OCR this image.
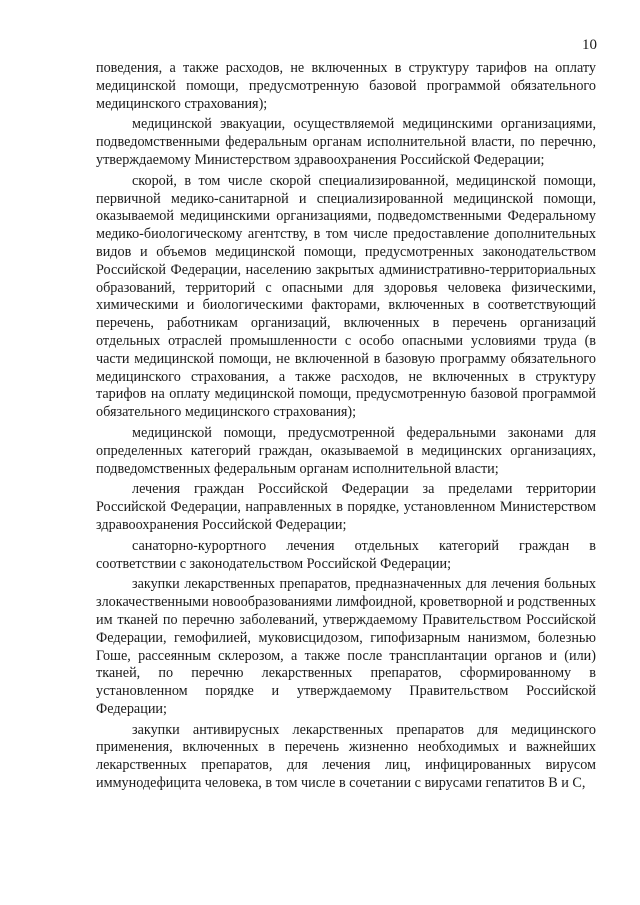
10

поведения, а также расходов, не включенных в структуру тарифов на оплату медицинской помощи, предусмотренную базовой программой обязательного медицинского страхования);

медицинской эвакуации, осуществляемой медицинскими организациями, подведомственными федеральным органам исполнительной власти, по перечню, утверждаемому Министерством здравоохранения Российской Федерации;

скорой, в том числе скорой специализированной, медицинской помощи, первичной медико-санитарной и специализированной медицинской помощи, оказываемой медицинскими организациями, подведомственными Федеральному медико-биологическому агентству, в том числе предоставление дополнительных видов и объемов медицинской помощи, предусмотренных законодательством Российской Федерации, населению закрытых административно-территориальных образований, территорий с опасными для здоровья человека физическими, химическими и биологическими факторами, включенных в соответствующий перечень, работникам организаций, включенных в перечень организаций отдельных отраслей промышленности с особо опасными условиями труда (в части медицинской помощи, не включенной в базовую программу обязательного медицинского страхования, а также расходов, не включенных в структуру тарифов на оплату медицинской помощи, предусмотренную базовой программой обязательного медицинского страхования);

медицинской помощи, предусмотренной федеральными законами для определенных категорий граждан, оказываемой в медицинских организациях, подведомственных федеральным органам исполнительной власти;

лечения граждан Российской Федерации за пределами территории Российской Федерации, направленных в порядке, установленном Министерством здравоохранения Российской Федерации;

санаторно-курортного лечения отдельных категорий граждан в соответствии с законодательством Российской Федерации;

закупки лекарственных препаратов, предназначенных для лечения больных злокачественными новообразованиями лимфоидной, кроветворной и родственных им тканей по перечню заболеваний, утверждаемому Правительством Российской Федерации, гемофилией, муковисцидозом, гипофизарным нанизмом, болезнью Гоше, рассеянным склерозом, а также после трансплантации органов и (или) тканей, по перечню лекарственных препаратов, сформированному в установленном порядке и утверждаемому Правительством Российской Федерации;

закупки антивирусных лекарственных препаратов для медицинского применения, включенных в перечень жизненно необходимых и важнейших лекарственных препаратов, для лечения лиц, инфицированных вирусом иммунодефицита человека, в том числе в сочетании с вирусами гепатитов В и С,
